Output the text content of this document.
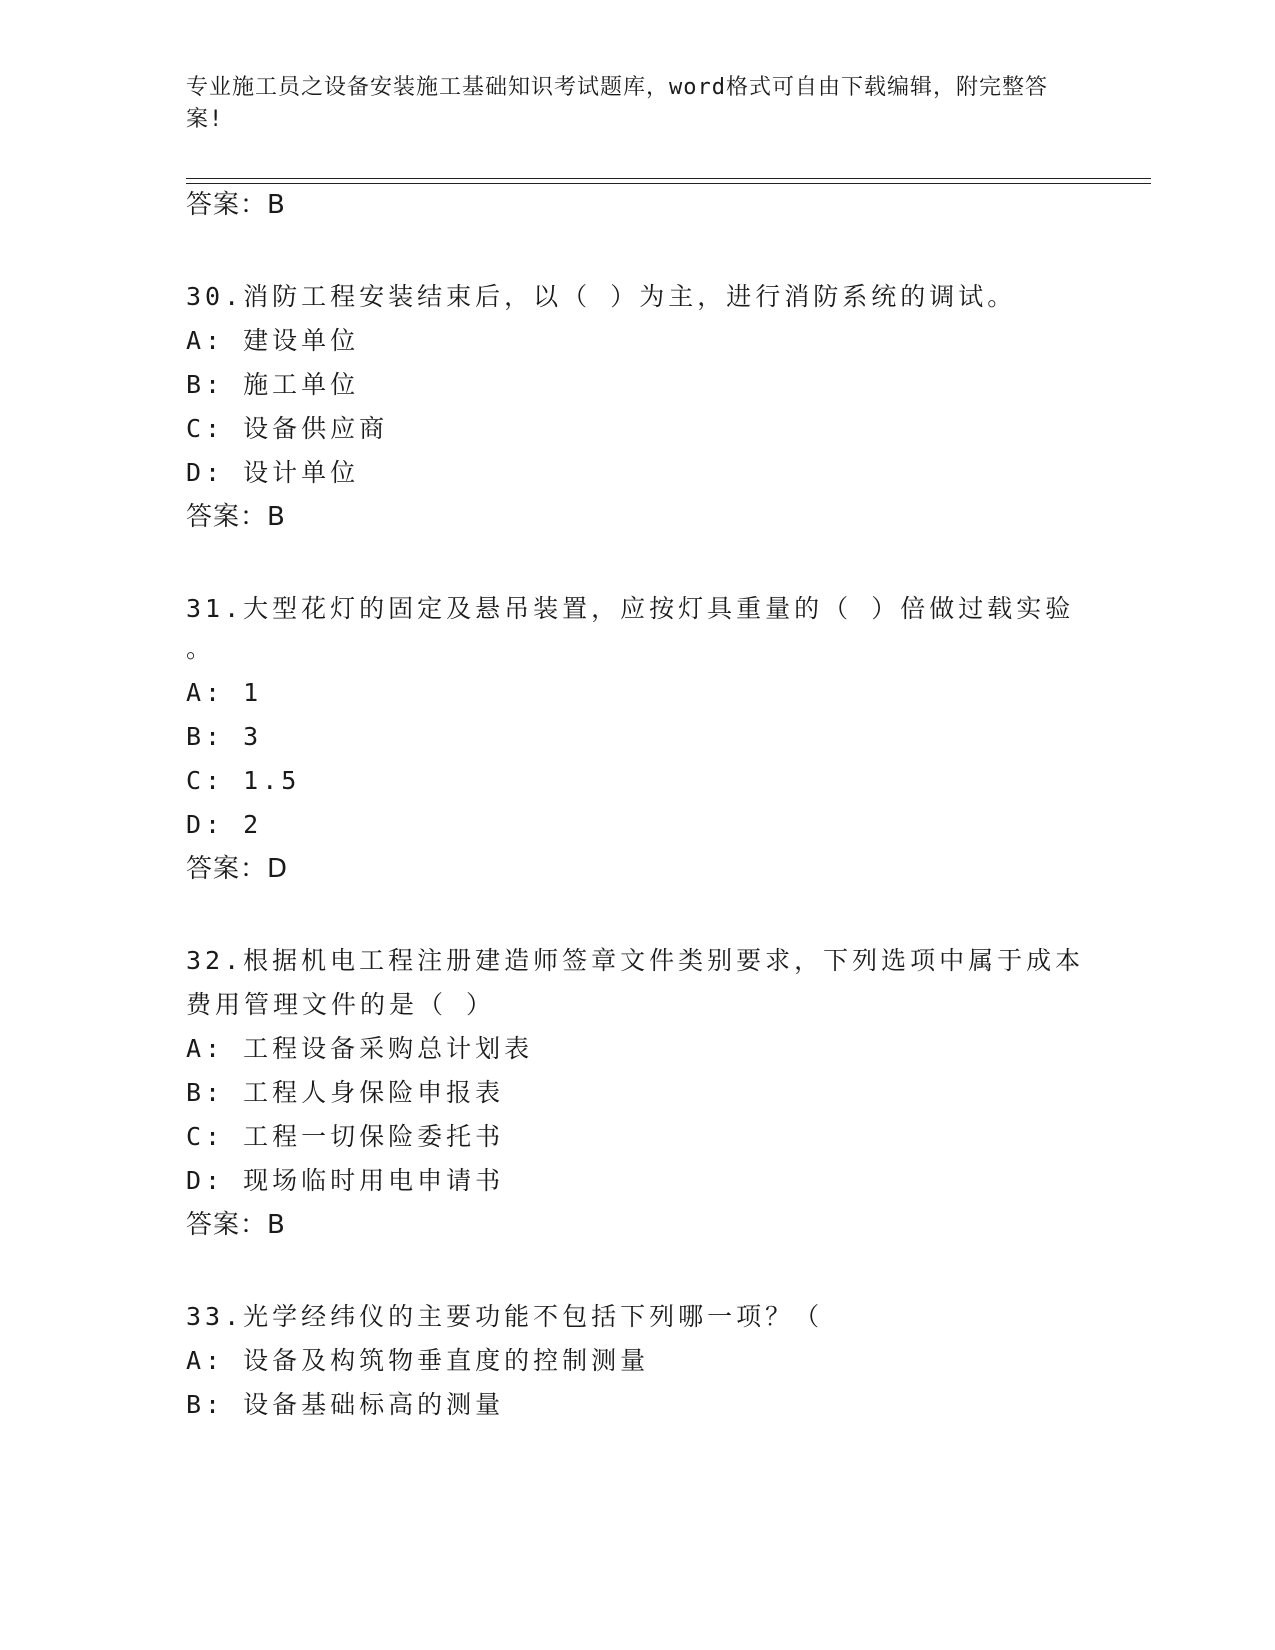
专业施工员之设备安装施工基础知识考试题库，word格式可自由下载编辑，附完整答案!
答案：B
30.消防工程安装结束后，以（ ）为主，进行消防系统的调试。
A: 建设单位
B: 施工单位
C: 设备供应商
D: 设计单位
答案：B
31.大型花灯的固定及悬吊装置，应按灯具重量的（ ）倍做过载实验
。
A: 1
B: 3
C: 1.5
D: 2
答案：D
32.根据机电工程注册建造师签章文件类别要求，下列选项中属于成本
费用管理文件的是（ ）
A: 工程设备采购总计划表
B: 工程人身保险申报表
C: 工程一切保险委托书
D: 现场临时用电申请书
答案：B
33.光学经纬仪的主要功能不包括下列哪一项？（
A: 设备及构筑物垂直度的控制测量
B: 设备基础标高的测量
